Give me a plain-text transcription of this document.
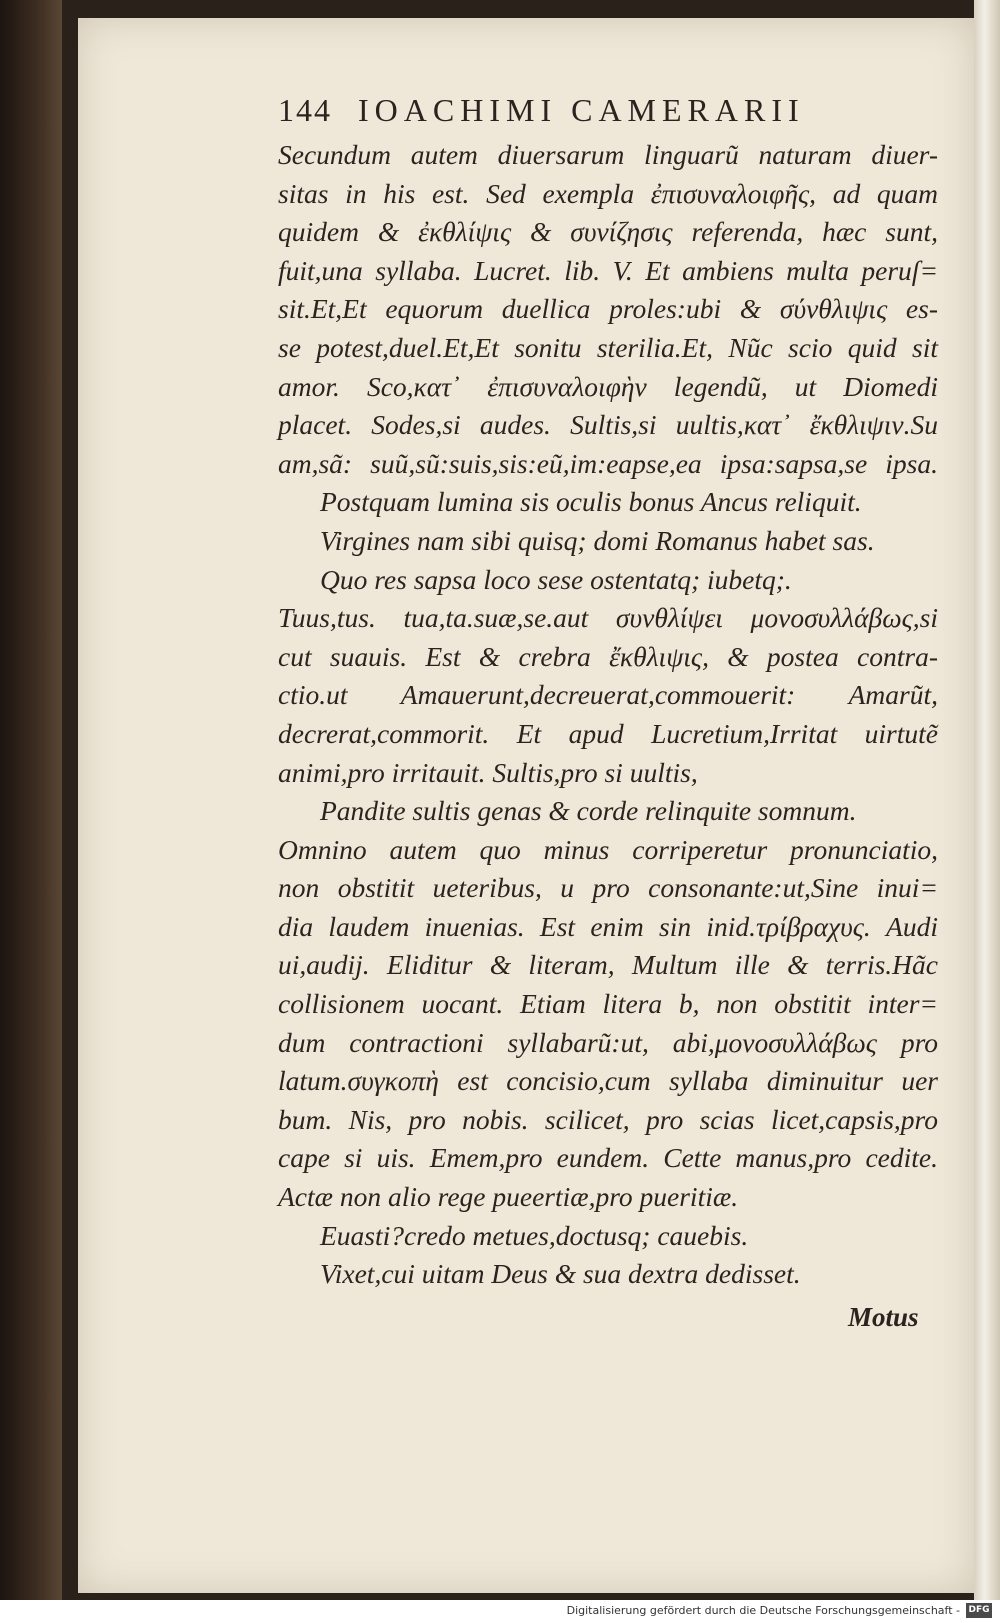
144 IOACHIMI CAMERARII
Secundum autem diuersarum linguarũ naturam diuer-
sitas in his est. Sed exempla ἐπισυναλοιφῆς, ad quam
quidem & ἐκθλίψις & συνίζησις referenda, hæc sunt,
fuit,una syllaba. Lucret. lib. V. Et ambiens multa peruſ=
sit.Et,Et equorum duellica proles:ubi & σύνθλιψις es-
se potest,duel.Et,Et sonitu sterilia.Et, Nũc scio quid sit
amor. Sco,κατ᾿ ἐπισυναλοιφὴν legendũ, ut Diomedi
placet. Sodes,si audes. Sultis,si uultis,κατ᾿ ἔκθλιψιν.Su
am,sã: suũ,sũ:suis,sis:eũ,im:eapse,ea ipsa:sapsa,se ipsa.
Postquam lumina sis oculis bonus Ancus reliquit.
Virgines nam sibi quisq; domi Romanus habet sas.
Quo res sapsa loco sese ostentatq; iubetq;.
Tuus,tus. tua,ta.suæ,se.aut συνθλίψει μονοσυλλάβως,si
cut suauis. Est & crebra ἔκθλιψις, & postea contra-
ctio.ut Amauerunt,decreuerat,commouerit: Amarũt,
decrerat,commorit. Et apud Lucretium,Irritat uirtutẽ
animi,pro irritauit. Sultis,pro si uultis,
Pandite sultis genas & corde relinquite somnum.
Omnino autem quo minus corriperetur pronunciatio,
non obstitit ueteribus, u pro consonante:ut,Sine inui=
dia laudem inuenias. Est enim sin inid.τρίβραχυς. Audi
ui,audij. Eliditur & literam, Multum ille & terris.Hãc
collisionem uocant. Etiam litera b, non obstitit inter=
dum contractioni syllabarũ:ut, abi,μονοσυλλάβως pro
latum.συγκοπὴ est concisio,cum syllaba diminuitur uer
bum. Nis, pro nobis. scilicet, pro scias licet,capsis,pro
cape si uis. Emem,pro eundem. Cette manus,pro cedite.
Actæ non alio rege pueertiæ,pro pueritiæ.
Euasti?credo metues,doctusq; cauebis.
Vixet,cui uitam Deus & sua dextra dedisset.
Motus
Digitalisierung gefördert durch die Deutsche Forschungsgemeinschaft - DFG
